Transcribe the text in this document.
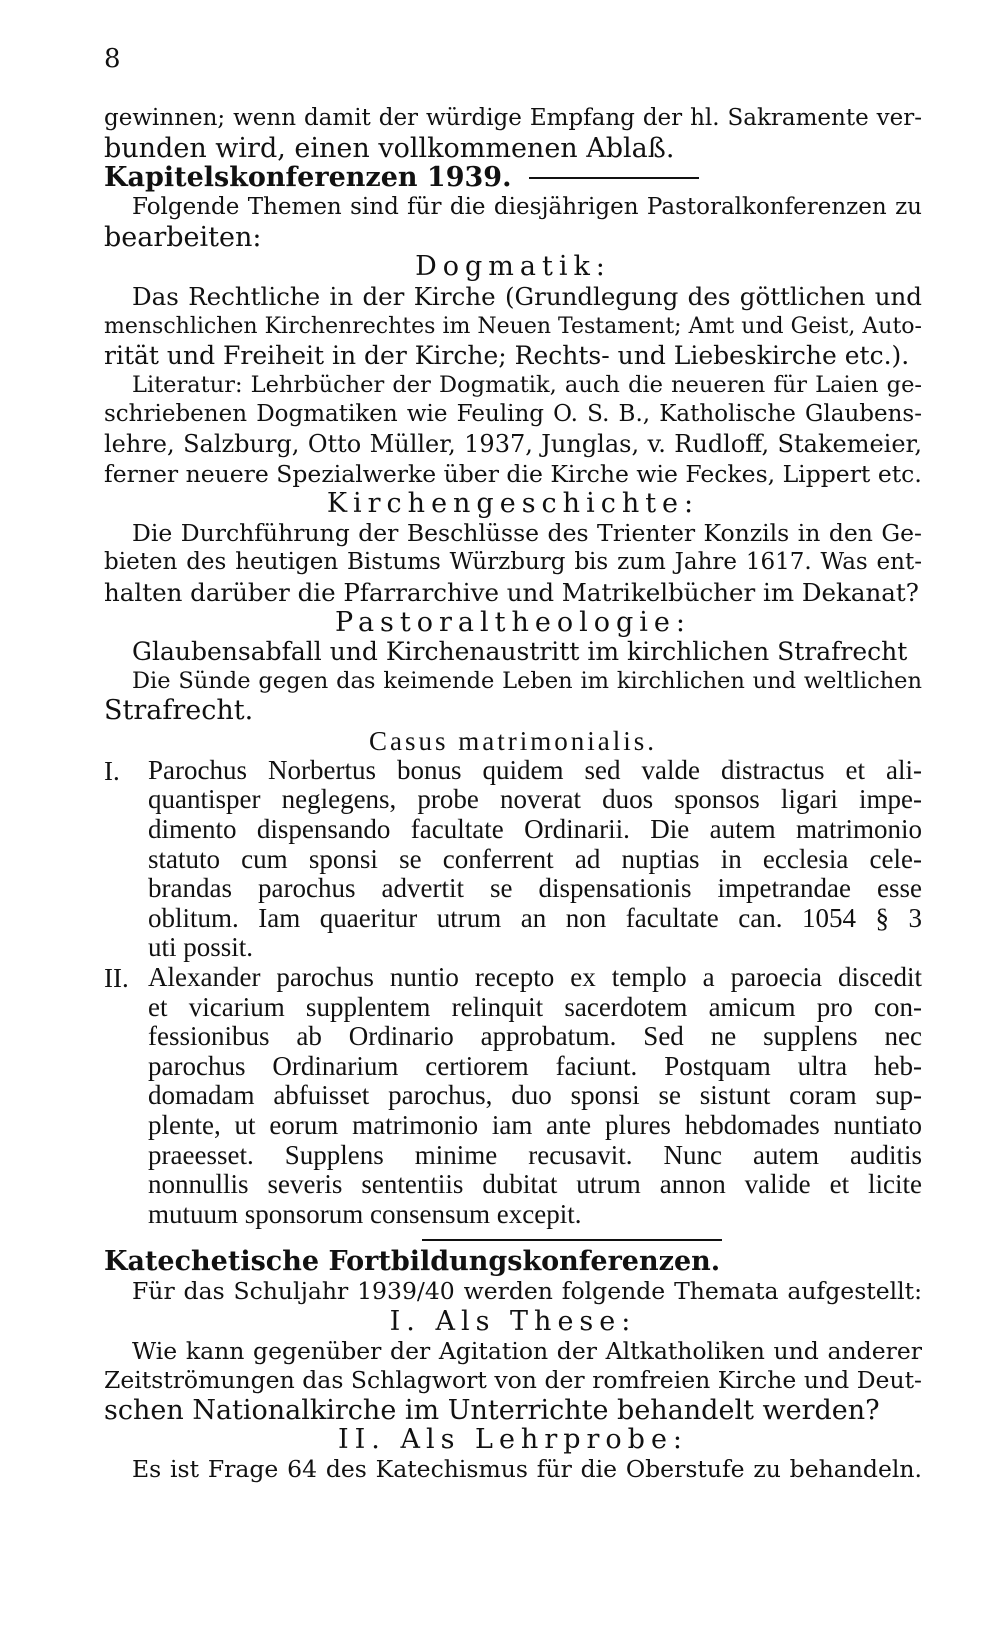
8
gewinnen; wenn damit der würdige Empfang der hl. Sakramente ver-
bunden wird, einen vollkommenen Ablaß.
Kapitelskonferenzen 1939.
Folgende Themen sind für die diesjährigen Pastoralkonferenzen zu
bearbeiten:
Dogmatik:
Das Rechtliche in der Kirche (Grundlegung des göttlichen und
menschlichen Kirchenrechtes im Neuen Testament; Amt und Geist, Auto-
rität und Freiheit in der Kirche; Rechts- und Liebeskirche etc.).
Literatur: Lehrbücher der Dogmatik, auch die neueren für Laien ge-
schriebenen Dogmatiken wie Feuling O. S. B., Katholische Glaubens-
lehre, Salzburg, Otto Müller, 1937, Junglas, v. Rudloff, Stakemeier,
ferner neuere Spezialwerke über die Kirche wie Feckes, Lippert etc.
Kirchengeschichte:
Die Durchführung der Beschlüsse des Trienter Konzils in den Ge-
bieten des heutigen Bistums Würzburg bis zum Jahre 1617. Was ent-
halten darüber die Pfarrarchive und Matrikelbücher im Dekanat?
Pastoraltheologie:
Glaubensabfall und Kirchenaustritt im kirchlichen Strafrecht
Die Sünde gegen das keimende Leben im kirchlichen und weltlichen
Strafrecht.
Casus matrimonialis.
I.	Parochus Norbertus bonus quidem sed valde distractus et ali-
quantisper neglegens, probe noverat duos sponsos ligari impe-
dimento dispensando facultate Ordinarii. Die autem matrimonio
statuto cum sponsi se conferrent ad nuptias in ecclesia cele-
brandas parochus advertit se dispensationis impetrandae esse
oblitum. Iam quaeritur utrum an non facultate can. 1054 § 3
uti possit.
II. Alexander parochus nuntio recepto ex templo a paroecia discedit
et vicarium supplentem relinquit sacerdotem amicum pro con-
fessionibus ab Ordinario approbatum. Sed ne supplens nec
parochus Ordinarium certiorem faciunt. Postquam ultra heb-
domadam abfuisset parochus, duo sponsi se sistunt coram sup-
plente, ut eorum matrimonio iam ante plures hebdomades nuntiato
praeesset. Supplens minime recusavit. Nunc autem auditis
nonnullis severis sententiis dubitat utrum annon valide et licite
mutuum sponsorum consensum excepit.
Katechetische Fortbildungskonferenzen.
Für das Schuljahr 1939/40 werden folgende Themata aufgestellt:
I. Als These:
Wie kann gegenüber der Agitation der Altkatholiken und anderer
Zeitströmungen das Schlagwort von der romfreien Kirche und Deut-
schen Nationalkirche im Unterrichte behandelt werden?
II. Als Lehrprobe:
Es ist Frage 64 des Katechismus für die Oberstufe zu behandeln.
